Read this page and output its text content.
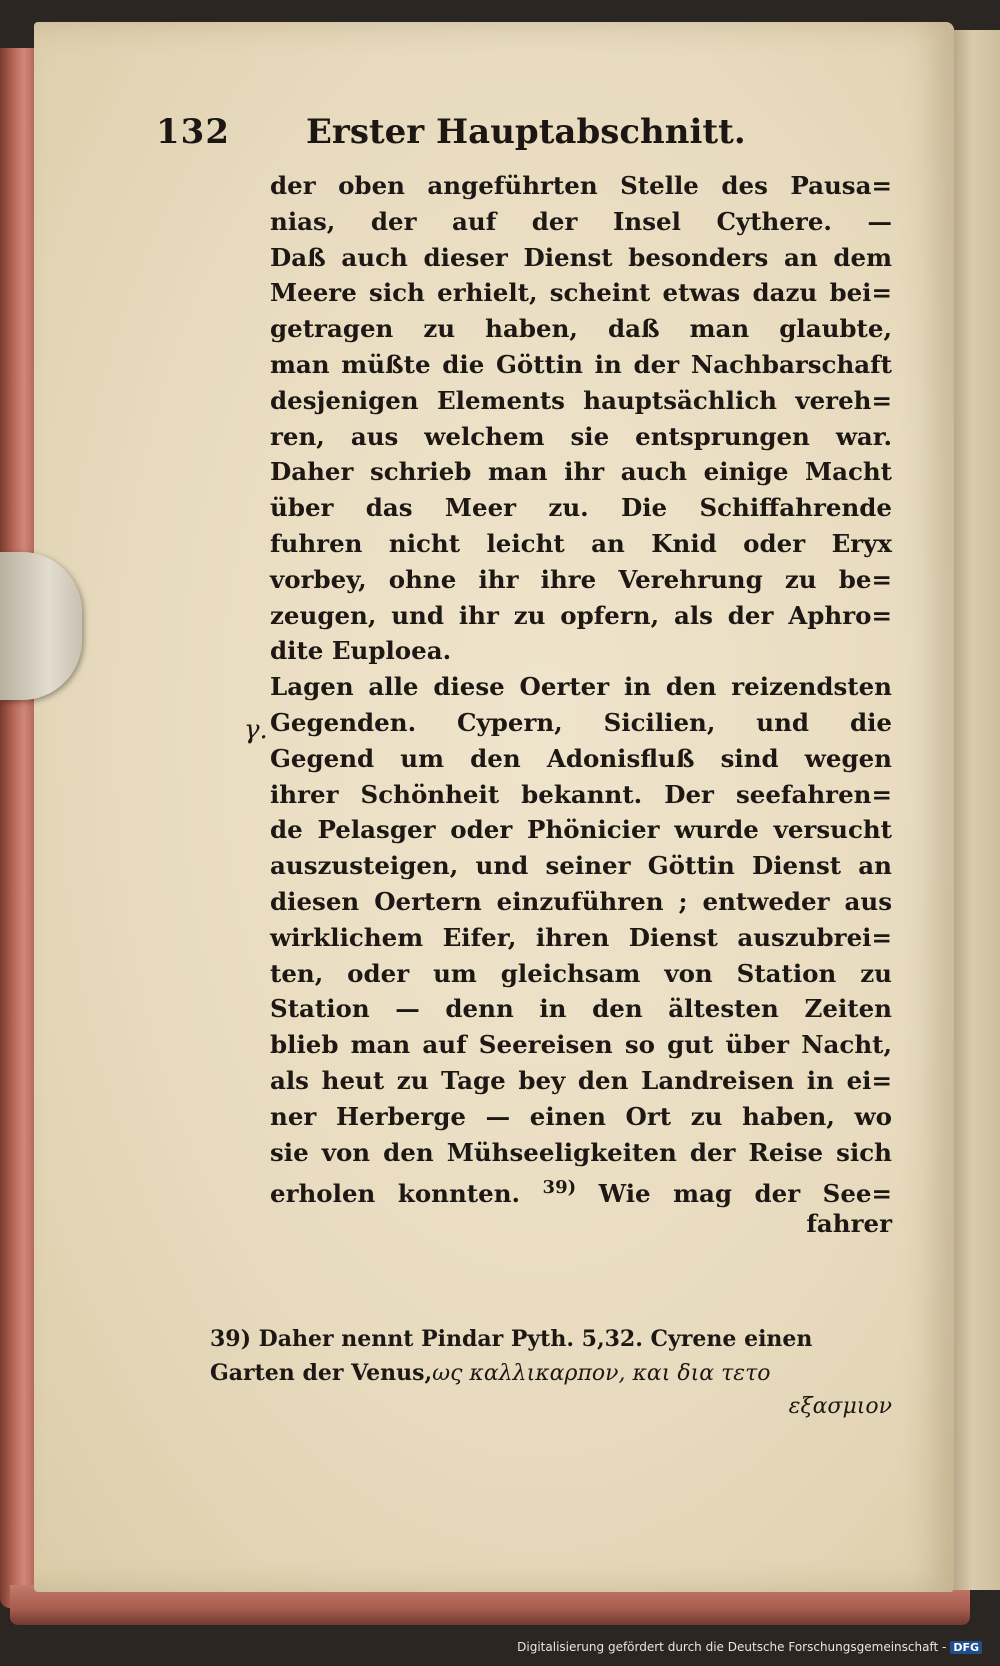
132 Erster Hauptabschnitt.
der oben angeführten Stelle des Pausa=
nias, der auf der Insel Cythere. —
Daß auch dieser Dienst besonders an dem
Meere sich erhielt, scheint etwas dazu bei=
getragen zu haben, daß man glaubte,
man müßte die Göttin in der Nachbarschaft
desjenigen Elements hauptsächlich vereh=
ren, aus welchem sie entsprungen war.
Daher schrieb man ihr auch einige Macht
über das Meer zu. Die Schiffahrende
fuhren nicht leicht an Knid oder Eryx
vorbey, ohne ihr ihre Verehrung zu be=
zeugen, und ihr zu opfern, als der Aphro=
dite Euploea.
Lagen alle diese Oerter in den reizendsten
Gegenden. Cypern, Sicilien, und die
Gegend um den Adonisfluß sind wegen
ihrer Schönheit bekannt. Der seefahren=
de Pelasger oder Phönicier wurde versucht
auszusteigen, und seiner Göttin Dienst an
diesen Oertern einzuführen ; entweder aus
wirklichem Eifer, ihren Dienst auszubrei=
ten, oder um gleichsam von Station zu
Station — denn in den ältesten Zeiten
blieb man auf Seereisen so gut über Nacht,
als heut zu Tage bey den Landreisen in ei=
ner Herberge — einen Ort zu haben, wo
sie von den Mühseeligkeiten der Reise sich
erholen konnten. $^{39)}$ Wie mag der See=
fahrer
γ.
39) Daher nennt Pindar Pyth. 5,32. Cyrene einen
Garten der Venus,ως καλλικαρπον, και δια τετο
εξασμιον
Digitalisierung gefördert durch die Deutsche Forschungsgemeinschaft - DFG
